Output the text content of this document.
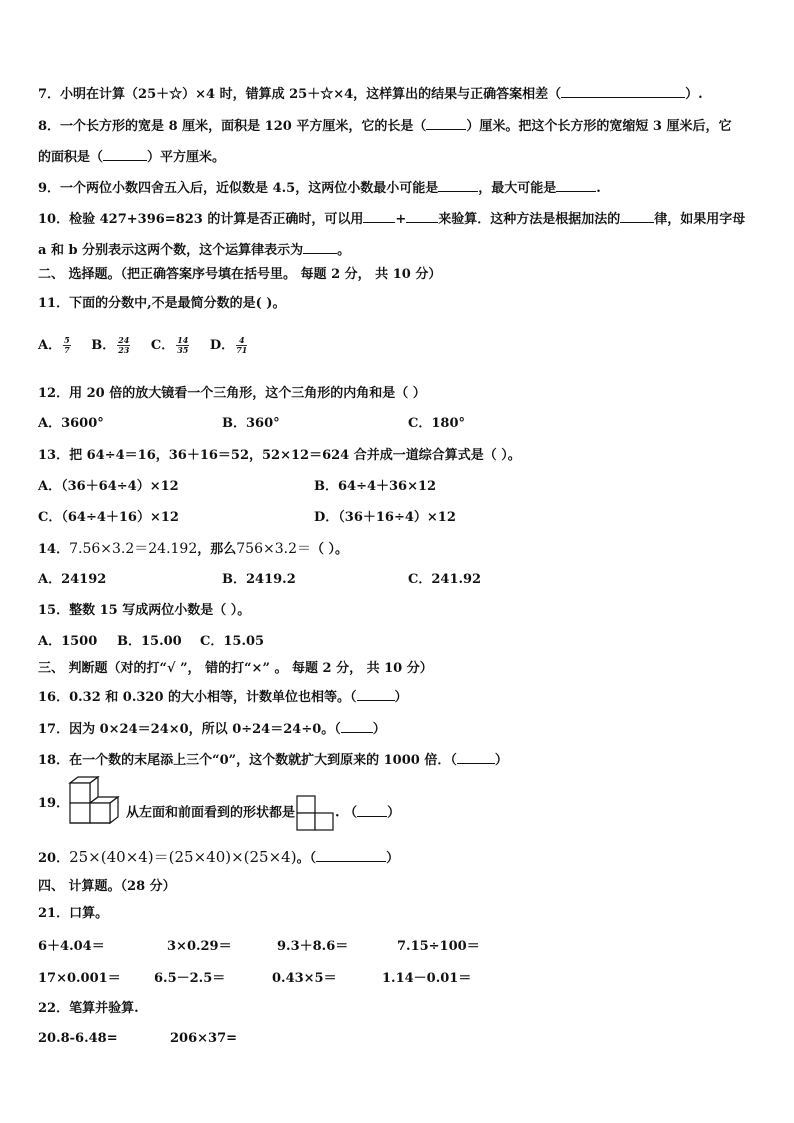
7．小明在计算（25＋☆）×4 时，错算成 25＋☆×4，这样算出的结果与正确答案相差（	）.
8．一个长方形的宽是 8 厘米，面积是 120 平方厘米，它的长是（	）厘米。把这个长方形的宽缩短 3 厘米后，它
的面积是（	）平方厘米。
9．一个两位小数四舍五入后，近似数是 4.5，这两位小数最小可能是	，最大可能是	.
10．检验 427+396=823 的计算是否正确时，可以用 + 来验算．这种方法是根据加法的	律，如果用字母
a 和 b 分别表示这两个数，这个运算律表示为	。
二、 选择题。（把正确答案序号填在括号里。 每题 2 分， 共 10 分）
11．下面的分数中,不是最简分数的是( )。
A． $\frac{5}{7}$ B． $\frac{24}{23}$ C． $\frac{14}{35}$ D． $\frac{4}{71}$
12．用 20 倍的放大镜看一个三角形，这个三角形的内角和是（ ）
A．3600°	B．360°	C．180°
13．把 64÷4＝16，36＋16＝52，52×12＝624 合并成一道综合算式是（ ）。
A．（36＋64÷4）×12	B．64÷4＋36×12
C．（64÷4＋16）×12	D．（36＋16÷4）×12
14．7.56×3.2＝24.192，那么756×3.2＝（ ）。
A．24192	B．2419.2	C．241.92
15．整数 15 写成两位小数是（ ）。
A．1500 B．15.00 C．15.05
三、 判断题（对的打“√ ”， 错的打“×” 。 每题 2 分， 共 10 分）
16．0.32 和 0.320 的大小相等，计数单位也相等。（	）
17．因为 0×24＝24×0，所以 0÷24＝24÷0。（ ）
18．在一个数的末尾添上三个“0”，这个数就扩大到原来的 1000 倍．（	）
19．
从左面和前面看到的形状都是	. （ ）
20．25×(40×4)＝(25×40)×(25×4)。（	）
四、 计算题。（28 分）
21．口算。
6＋4.04＝	3×0.29＝	9.3＋8.6＝	7.15÷100＝
17×0.001＝	6.5－2.5＝	0.43×5＝	1.14－0.01＝
22．笔算并验算.
20.8-6.48=	206×37=
